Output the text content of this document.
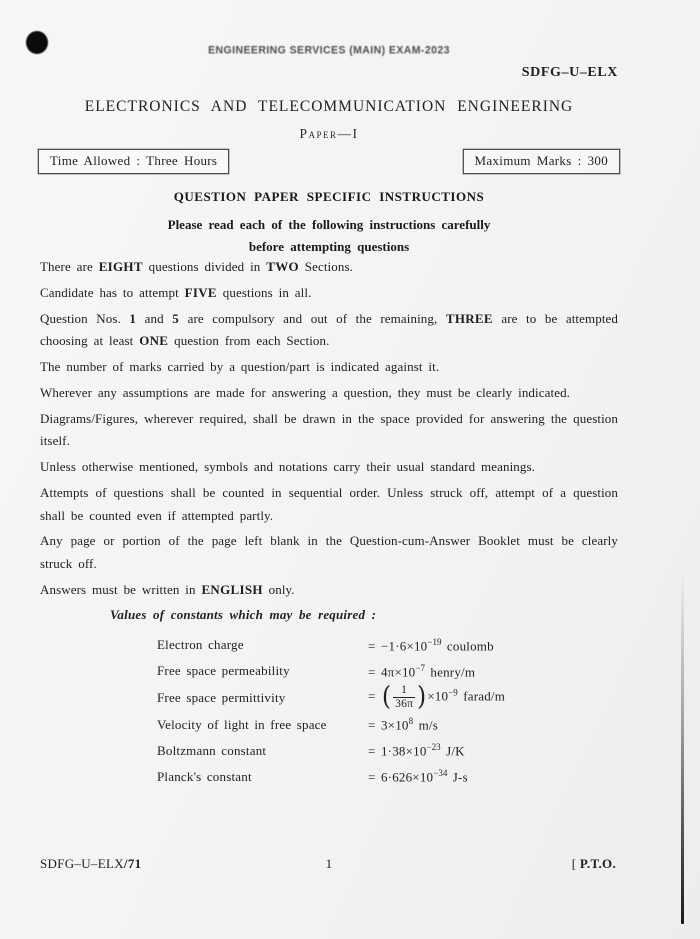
ENGINEERING SERVICES (MAIN) EXAM-2023
SDFG–U–ELX
ELECTRONICS AND TELECOMMUNICATION ENGINEERING
Paper—I
Time Allowed : Three Hours	Maximum Marks : 300
QUESTION PAPER SPECIFIC INSTRUCTIONS
Please read each of the following instructions carefully
before attempting questions

There are EIGHT questions divided in TWO Sections.

Candidate has to attempt FIVE questions in all.

Question Nos. 1 and 5 are compulsory and out of the remaining, THREE are to be attempted choosing at least ONE question from each Section.

The number of marks carried by a question/part is indicated against it.

Wherever any assumptions are made for answering a question, they must be clearly indicated.

Diagrams/Figures, wherever required, shall be drawn in the space provided for answering the question itself.

Unless otherwise mentioned, symbols and notations carry their usual standard meanings.

Attempts of questions shall be counted in sequential order. Unless struck off, attempt of a question shall be counted even if attempted partly.

Any page or portion of the page left blank in the Question-cum-Answer Booklet must be clearly struck off.

Answers must be written in ENGLISH only.

Values of constants which may be required :
Electron charge	= $-1\cdot 6\times 10^{-19}$ coulomb
Free space permeability	= $4\pi\times 10^{-7}$ henry/m
Free space permittivity	= ( $\frac{1}{36\pi}$ ) $\times 10^{-9}$ farad/m
Velocity of light in free space	= $3\times 10^8$ m/s
Boltzmann constant	= $1\cdot 38\times 10^{-23}$ J/K
Planck's constant	= $6\cdot 626\times 10^{-34}$ J-s
SDFG–U–ELX/71	1	[ P.T.O.
